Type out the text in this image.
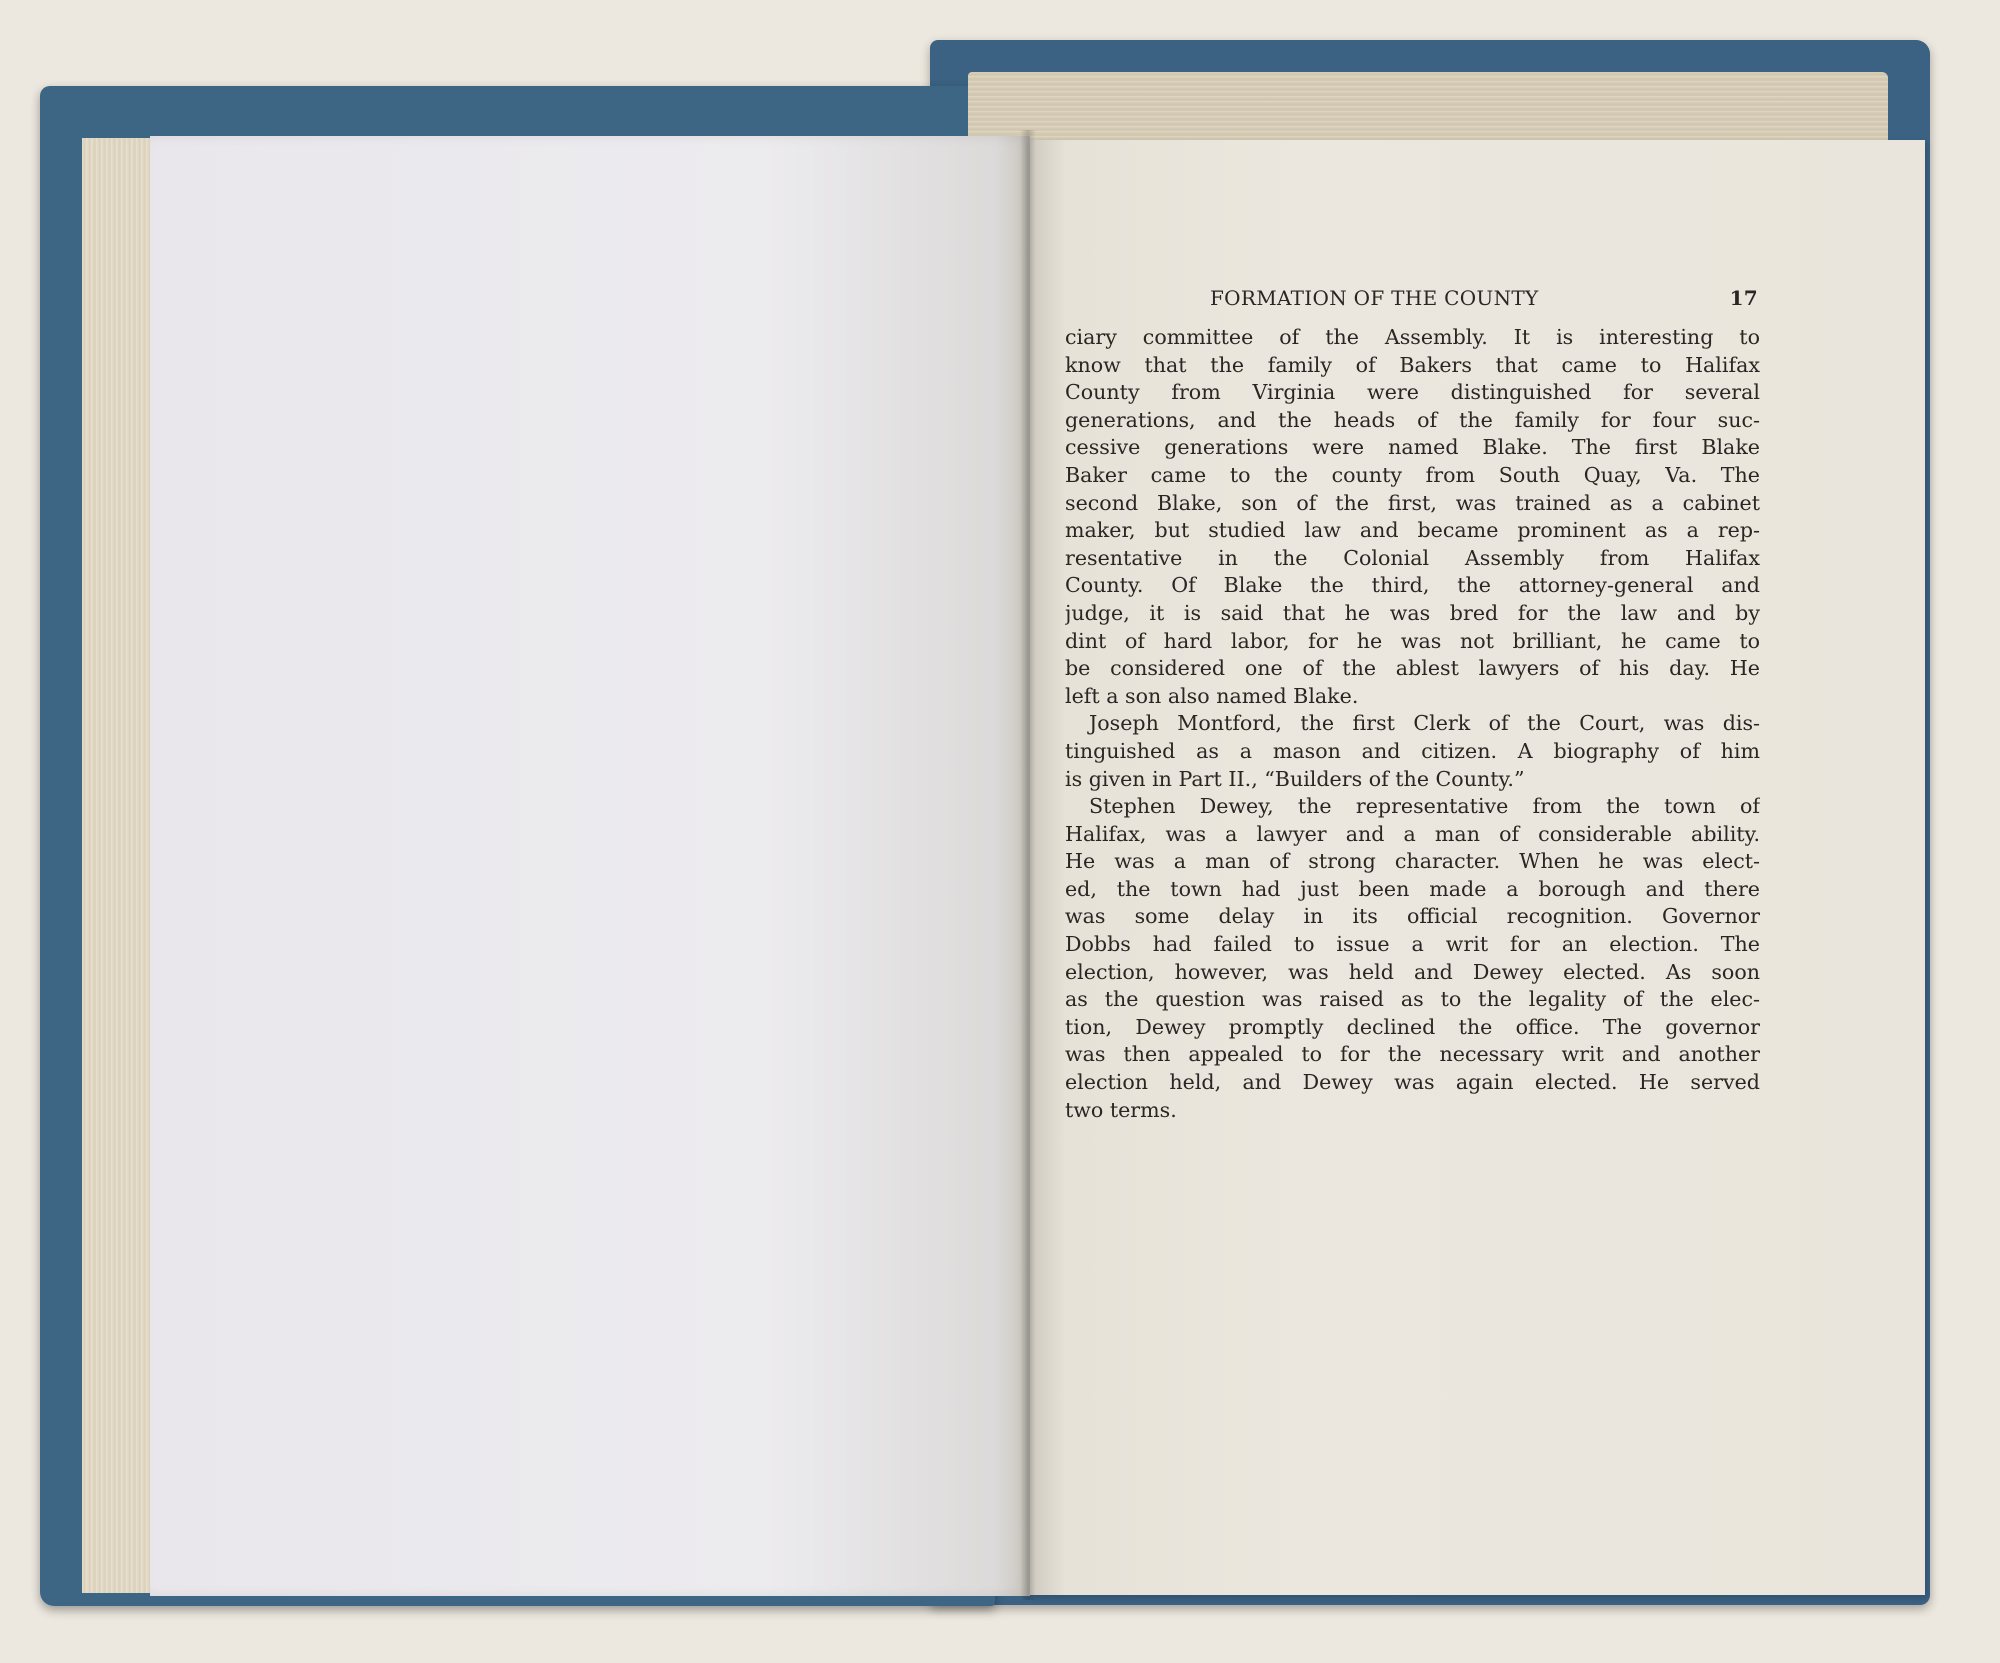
FORMATION OF THE COUNTY	17

ciary committee of the Assembly. It is interesting to
know that the family of Bakers that came to Halifax
County from Virginia were distinguished for several
generations, and the heads of the family for four suc-
cessive generations were named Blake. The first Blake
Baker came to the county from South Quay, Va. The
second Blake, son of the first, was trained as a cabinet
maker, but studied law and became prominent as a rep-
resentative in the Colonial Assembly from Halifax
County. Of Blake the third, the attorney-general and
judge, it is said that he was bred for the law and by
dint of hard labor, for he was not brilliant, he came to
be considered one of the ablest lawyers of his day. He
left a son also named Blake.

Joseph Montford, the first Clerk of the Court, was dis-
tinguished as a mason and citizen. A biography of him
is given in Part II., “Builders of the County.”

Stephen Dewey, the representative from the town of
Halifax, was a lawyer and a man of considerable ability.
He was a man of strong character. When he was elect-
ed, the town had just been made a borough and there
was some delay in its official recognition. Governor
Dobbs had failed to issue a writ for an election. The
election, however, was held and Dewey elected. As soon
as the question was raised as to the legality of the elec-
tion, Dewey promptly declined the office. The governor
was then appealed to for the necessary writ and another
election held, and Dewey was again elected. He served
two terms.
